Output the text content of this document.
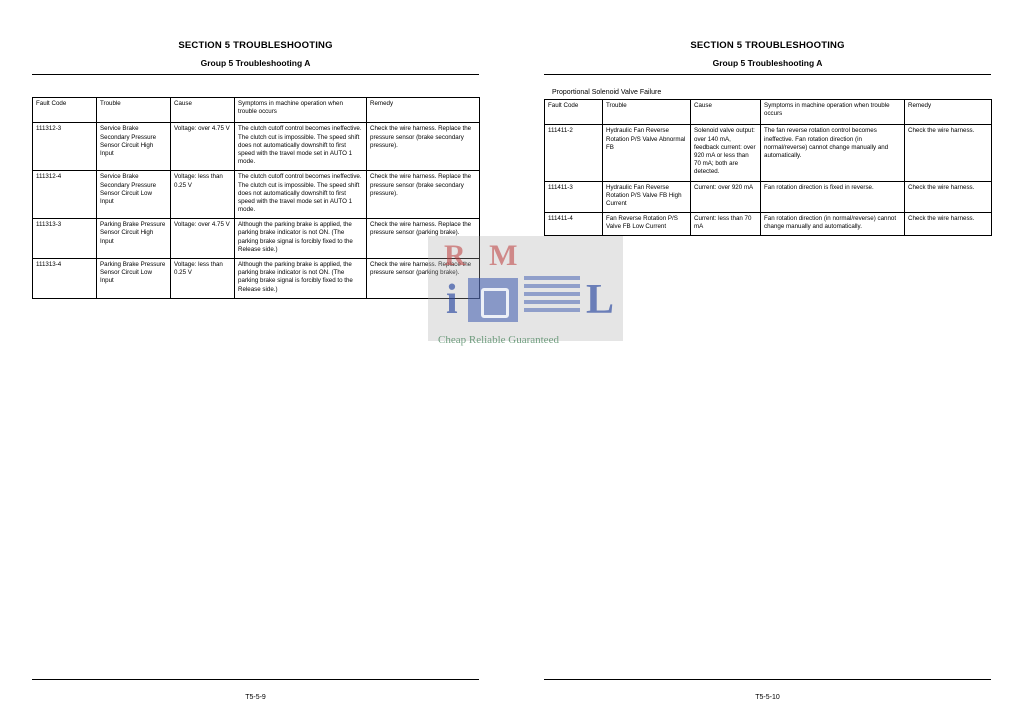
SECTION 5 TROUBLESHOOTING
Group 5 Troubleshooting A
Fault Code	Trouble	Cause	Symptoms in machine operation when trouble occurs	Remedy
111312-3	Service Brake Secondary Pressure Sensor Circuit High Input	Voltage: over 4.75 V	The clutch cutoff control becomes ineffective. The clutch cut is impossible. The speed shift does not automatically downshift to first speed with the travel mode set in AUTO 1 mode.	Check the wire harness. Replace the pressure sensor (brake secondary pressure).
111312-4	Service Brake Secondary Pressure Sensor Circuit Low Input	Voltage: less than 0.25 V	The clutch cutoff control becomes ineffective. The clutch cut is impossible. The speed shift does not automatically downshift to first speed with the travel mode set in AUTO 1 mode.	Check the wire harness. Replace the pressure sensor (brake secondary pressure).
111313-3	Parking Brake Pressure Sensor Circuit High Input	Voltage: over 4.75 V	Although the parking brake is applied, the parking brake indicator is not ON. (The parking brake signal is forcibly fixed to the Release side.)	Check the wire harness. Replace the pressure sensor (parking brake).
111313-4	Parking Brake Pressure Sensor Circuit Low Input	Voltage: less than 0.25 V	Although the parking brake is applied, the parking brake indicator is not ON. (The parking brake signal is forcibly fixed to the Release side.)	Check the wire harness. Replace the pressure sensor (parking brake).
T5-5-9
SECTION 5 TROUBLESHOOTING
Group 5 Troubleshooting A
Proportional Solenoid Valve Failure
Fault Code	Trouble	Cause	Symptoms in machine operation when trouble occurs	Remedy
111411-2	Hydraulic Fan Reverse Rotation P/S Valve Abnormal FB	Solenoid valve output: over 140 mA, feedback current: over 920 mA or less than 70 mA; both are detected.	The fan reverse rotation control becomes ineffective. Fan rotation direction (in normal/reverse) cannot change manually and automatically.	Check the wire harness.
111411-3	Hydraulic Fan Reverse Rotation P/S Valve FB High Current	Current: over 920 mA	Fan rotation direction is fixed in reverse.	Check the wire harness.
111411-4	Fan Reverse Rotation P/S Valve FB Low Current	Current: less than 70 mA	Fan rotation direction (in normal/reverse) cannot change manually and automatically.	Check the wire harness.
T5-5-10
R M
i	L
Cheap Reliable Guaranteed
